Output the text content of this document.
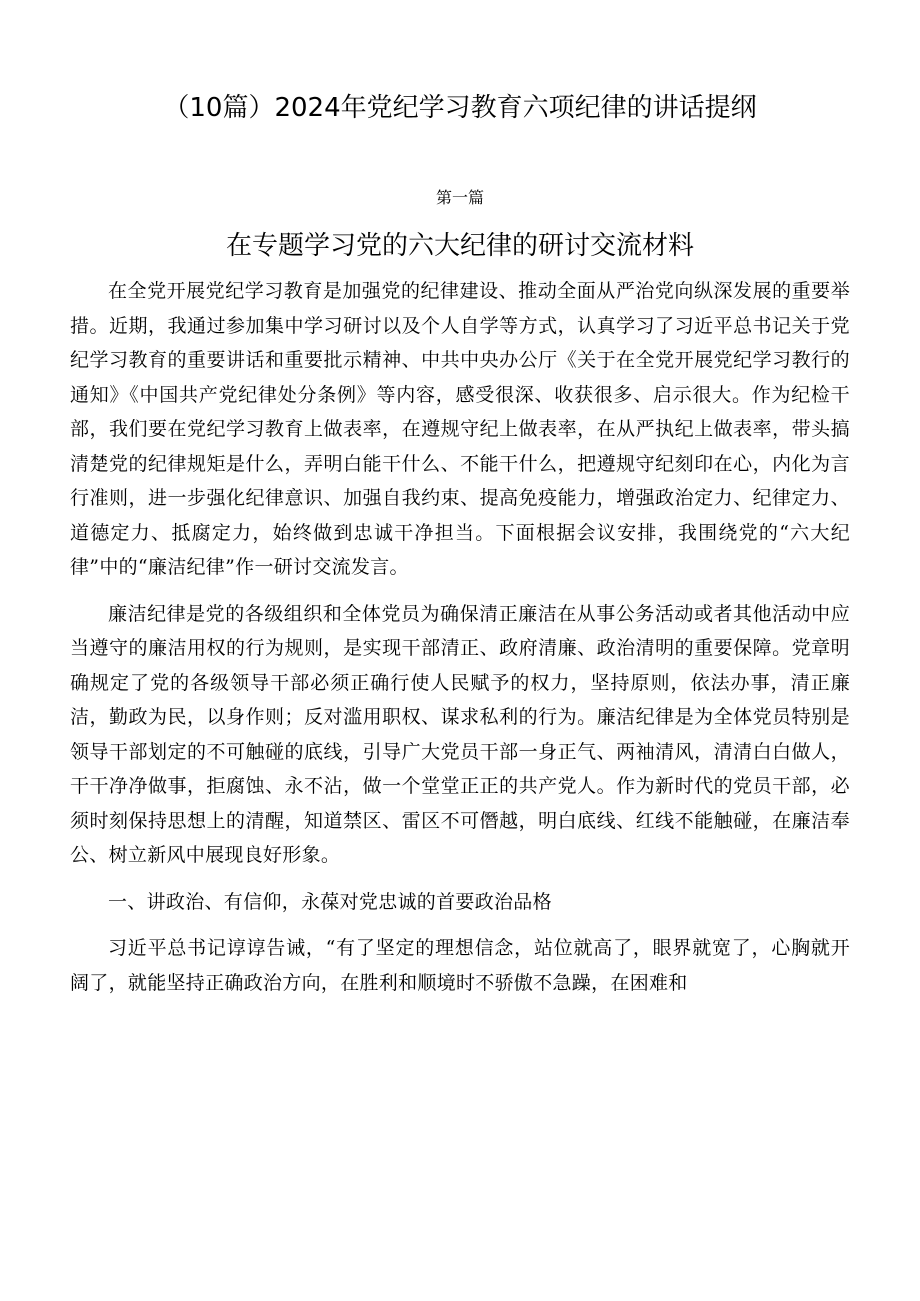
（10篇）2024年党纪学习教育六项纪律的讲话提纲
第一篇
在专题学习党的六大纪律的研讨交流材料

在全党开展党纪学习教育是加强党的纪律建设、推动全面从严治党向纵深发展的重要举措。近期，我通过参加集中学习研讨以及个人自学等方式，认真学习了习近平总书记关于党纪学习教育的重要讲话和重要批示精神、中共中央办公厅《关于在全党开展党纪学习教行的通知》《中国共产党纪律处分条例》等内容，感受很深、收获很多、启示很大。作为纪检干部，我们要在党纪学习教育上做表率，在遵规守纪上做表率，在从严执纪上做表率，带头搞清楚党的纪律规矩是什么，弄明白能干什么、不能干什么，把遵规守纪刻印在心，内化为言行准则，进一步强化纪律意识、加强自我约束、提高免疫能力，增强政治定力、纪律定力、道德定力、抵腐定力，始终做到忠诚干净担当。下面根据会议安排，我围绕党的“六大纪律”中的“廉洁纪律”作一研讨交流发言。

廉洁纪律是党的各级组织和全体党员为确保清正廉洁在从事公务活动或者其他活动中应当遵守的廉洁用权的行为规则，是实现干部清正、政府清廉、政治清明的重要保障。党章明确规定了党的各级领导干部必须正确行使人民赋予的权力，坚持原则，依法办事，清正廉洁，勤政为民，以身作则；反对滥用职权、谋求私利的行为。廉洁纪律是为全体党员特别是领导干部划定的不可触碰的底线，引导广大党员干部一身正气、两袖清风，清清白白做人，干干净净做事，拒腐蚀、永不沾，做一个堂堂正正的共产党人。作为新时代的党员干部，必须时刻保持思想上的清醒，知道禁区、雷区不可僭越，明白底线、红线不能触碰，在廉洁奉公、树立新风中展现良好形象。

一、讲政治、有信仰，永葆对党忠诚的首要政治品格

习近平总书记谆谆告诫，“有了坚定的理想信念，站位就高了，眼界就宽了，心胸就开阔了，就能坚持正确政治方向，在胜利和顺境时不骄傲不急躁，在困难和
